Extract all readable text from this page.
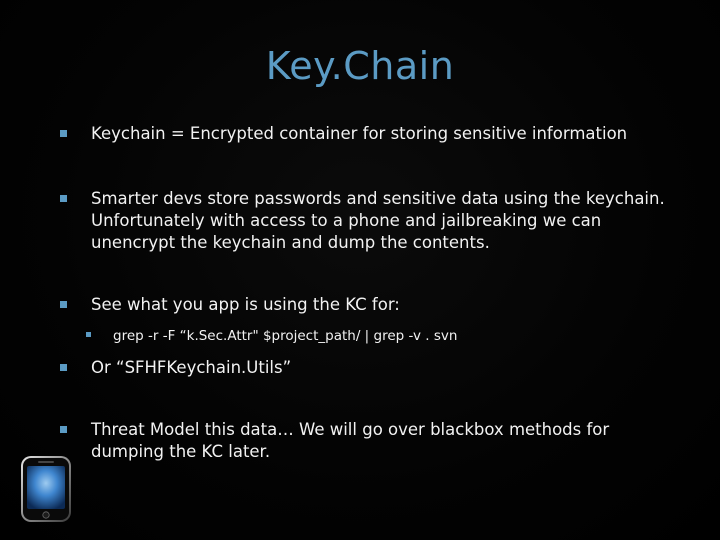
Key.Chain
Keychain = Encrypted container for storing sensitive information
Smarter devs store passwords and sensitive data using the keychain.
Unfortunately with access to a phone and jailbreaking we can
unencrypt the keychain and dump the contents.
See what you app is using the KC for:
grep -r -F “k.Sec.Attr" $project_path/ | grep -v . svn
Or “SFHFKeychain.Utils”
Threat Model this data… We will go over blackbox methods for
dumping the KC later.
